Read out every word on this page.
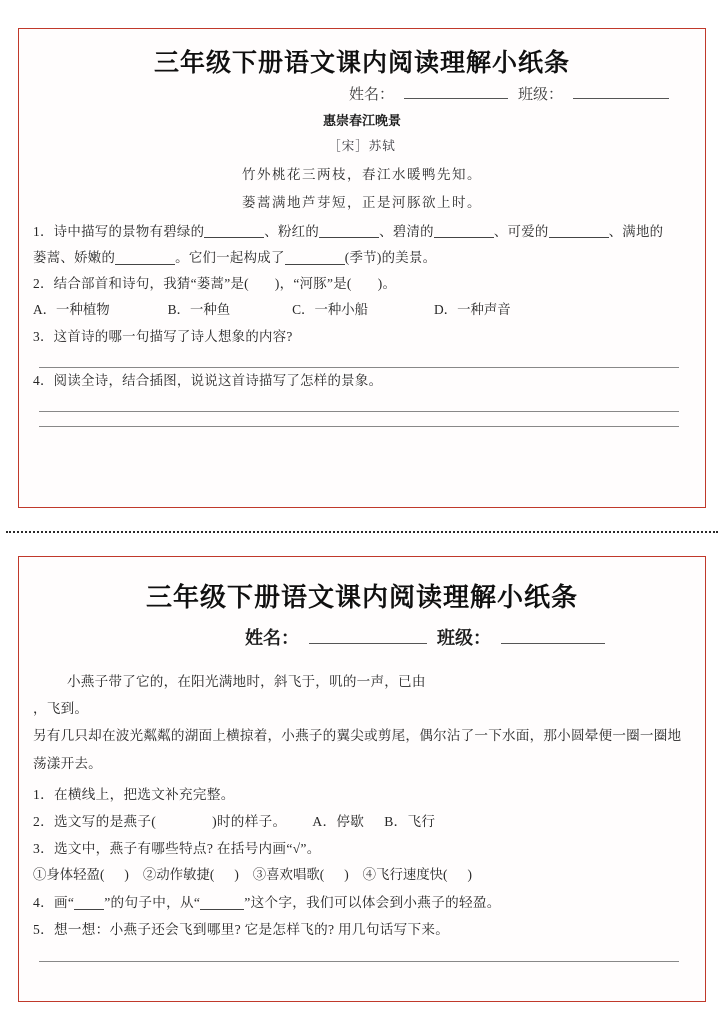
三年级下册语文课内阅读理解小纸条
姓名：	班级：
惠崇春江晚景
［宋］苏轼
竹外桃花三两枝，春江水暖鸭先知。
蒌蒿满地芦芽短，正是河豚欲上时。
1．诗中描写的景物有碧绿的	、粉红的	、碧清的	、可爱的	、满地的
蒌蒿、娇嫩的	。它们一起构成了	(季节)的美景。
2．结合部首和诗句，我猜“蒌蒿”是( )，“河豚”是( )。
A．一种植物	B．一种鱼	C．一种小船	D．一种声音
3．这首诗的哪一句描写了诗人想象的内容?
4．阅读全诗，结合插图，说说这首诗描写了怎样的景象。
三年级下册语文课内阅读理解小纸条
姓名：	班级：
小燕子带了它的，在阳光满地时，斜飞于，叽的一声，已由
，飞到。
另有几只却在波光粼粼的湖面上横掠着，小燕子的翼尖或剪尾，偶尔沾了一下水面，那小圆晕便一圈一圈地荡漾开去。
1．在横线上，把选文补充完整。
2．选文写的是燕子(	)时的样子。 A．停歇 B．飞行
3．选文中，燕子有哪些特点? 在括号内画“√”。
①身体轻盈( ) ②动作敏捷( ) ③喜欢唱歌( ) ④飞行速度快( )
4．画“ ”的句子中，从“	”这个字，我们可以体会到小燕子的轻盈。
5．想一想：小燕子还会飞到哪里? 它是怎样飞的? 用几句话写下来。
